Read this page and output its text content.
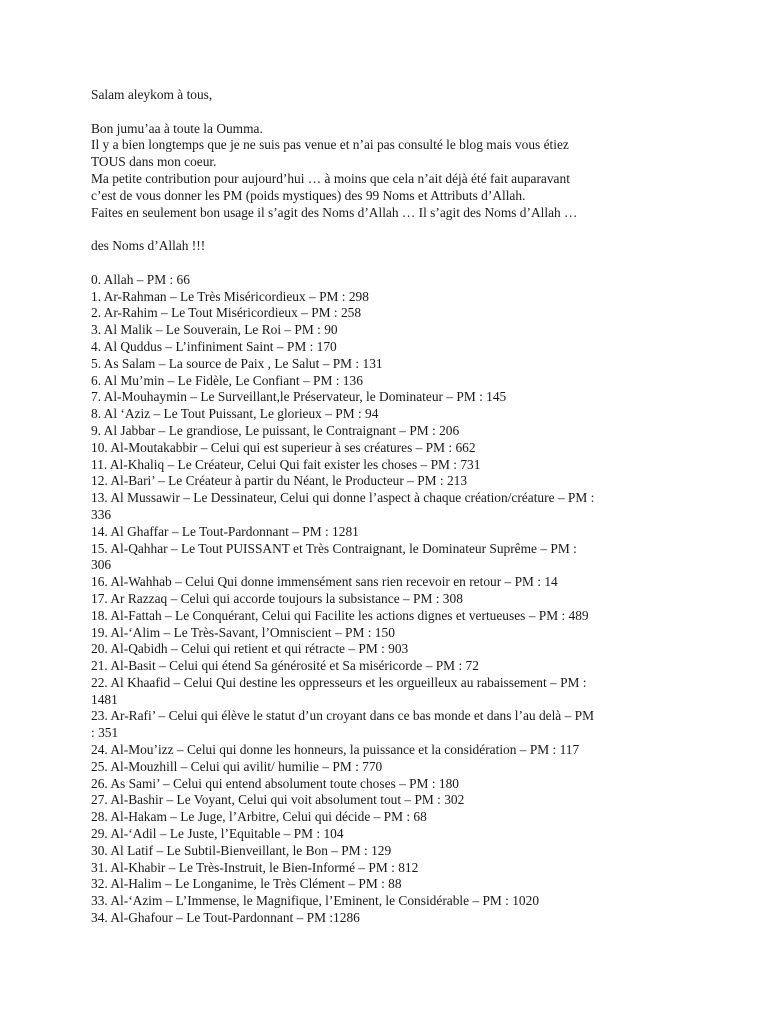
Salam aleykom à tous,
Bon jumu’aa à toute la Oumma.
Il y a bien longtemps que je ne suis pas venue et n’ai pas consulté le blog mais vous étiez
TOUS dans mon coeur.
Ma petite contribution pour aujourd’hui … à moins que cela n’ait déjà été fait auparavant
c’est de vous donner les PM (poids mystiques) des 99 Noms et Attributs d’Allah.
Faites en seulement bon usage il s’agit des Noms d’Allah … Il s’agit des Noms d’Allah …
des Noms d’Allah !!!
0. Allah – PM : 66
1. Ar-Rahman – Le Très Miséricordieux – PM : 298
2. Ar-Rahim – Le Tout Miséricordieux – PM : 258
3. Al Malik – Le Souverain, Le Roi – PM : 90
4. Al Quddus – L’infiniment Saint – PM : 170
5. As Salam – La source de Paix , Le Salut – PM : 131
6. Al Mu’min – Le Fidèle, Le Confiant – PM : 136
7. Al-Mouhaymin – Le Surveillant,le Préservateur, le Dominateur – PM : 145
8. Al ‘Aziz – Le Tout Puissant, Le glorieux – PM : 94
9. Al Jabbar – Le grandiose, Le puissant, le Contraignant – PM : 206
10. Al-Moutakabbir – Celui qui est superieur à ses créatures – PM : 662
11. Al-Khaliq – Le Créateur, Celui Qui fait exister les choses – PM : 731
12. Al-Bari’ – Le Créateur à partir du Néant, le Producteur – PM : 213
13. Al Mussawir – Le Dessinateur, Celui qui donne l’aspect à chaque création/créature – PM :
336
14. Al Ghaffar – Le Tout-Pardonnant – PM : 1281
15. Al-Qahhar – Le Tout PUISSANT et Très Contraignant, le Dominateur Suprême – PM :
306
16. Al-Wahhab – Celui Qui donne immensément sans rien recevoir en retour – PM : 14
17. Ar Razzaq – Celui qui accorde toujours la subsistance – PM : 308
18. Al-Fattah – Le Conquérant, Celui qui Facilite les actions dignes et vertueuses – PM : 489
19. Al-‘Alim – Le Très-Savant, l’Omniscient – PM : 150
20. Al-Qabidh – Celui qui retient et qui rétracte – PM : 903
21. Al-Basit – Celui qui étend Sa générosité et Sa miséricorde – PM : 72
22. Al Khaafid – Celui Qui destine les oppresseurs et les orgueilleux au rabaissement – PM :
1481
23. Ar-Rafi’ – Celui qui élève le statut d’un croyant dans ce bas monde et dans l’au delà – PM
: 351
24. Al-Mou’izz – Celui qui donne les honneurs, la puissance et la considération – PM : 117
25. Al-Mouzhill – Celui qui avilit/ humilie – PM : 770
26. As Sami’ – Celui qui entend absolument toute choses – PM : 180
27. Al-Bashir – Le Voyant, Celui qui voit absolument tout – PM : 302
28. Al-Hakam – Le Juge, l’Arbitre, Celui qui décide – PM : 68
29. Al-‘Adil – Le Juste, l’Equitable – PM : 104
30. Al Latif – Le Subtil-Bienveillant, le Bon – PM : 129
31. Al-Khabir – Le Très-Instruit, le Bien-Informé – PM : 812
32. Al-Halim – Le Longanime, le Très Clément – PM : 88
33. Al-‘Azim – L’Immense, le Magnifique, l’Eminent, le Considérable – PM : 1020
34. Al-Ghafour – Le Tout-Pardonnant – PM :1286
